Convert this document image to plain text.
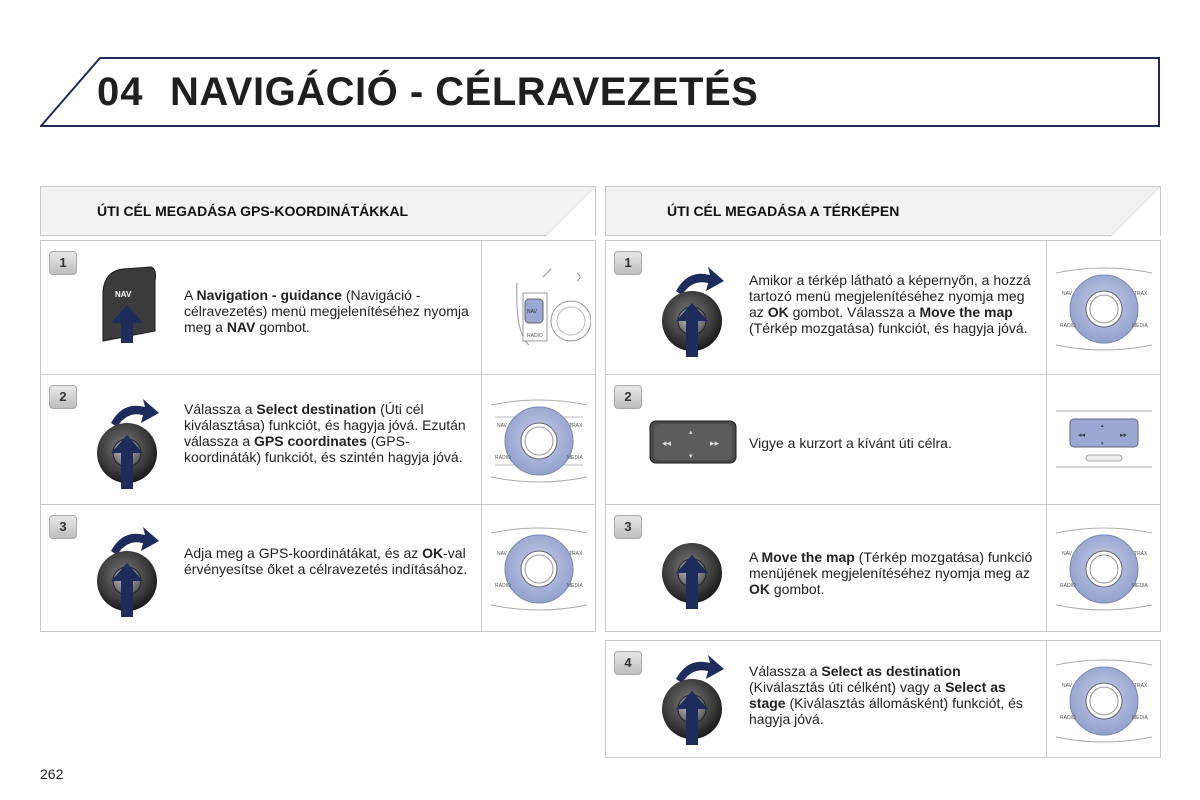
04 NAVIGÁCIÓ - CÉLRAVEZETÉS
ÚTI CÉL MEGADÁSA GPS-KOORDINÁTÁKKAL	ÚTI CÉL MEGADÁSA A TÉRKÉPEN
1
NAV	A Navigation - guidance (Navigáció - célravezetés) menü megjelenítéséhez nyomja meg a NAV gombot.
NAV
RADIO
2
Válassza a Select destination (Úti cél kiválasztása) funkciót, és hagyja jóvá. Ezután válassza a GPS coordinates (GPS-koordináták) funkciót, és szintén hagyja jóvá.
NAV
RADIO
TRAX
MEDIA
3
Adja meg a GPS-koordinátákat, és az OK-val érvényesítse őket a célravezetés indításához.
NAV
RADIO
TRAX
MEDIA
1
Amikor a térkép látható a képernyőn, a hozzá tartozó menü megjelenítéséhez nyomja meg az OK gombot. Válassza a Move the map (Térkép mozgatása) funkciót, és hagyja jóvá.
NAV
RADIO
TRAX
MEDIA
2
◂◂	▸▸
▴
▾
Vigye a kurzort a kívánt úti célra.	◂◂	▸▸
▴
▾
3
A Move the map (Térkép mozgatása) funkció menüjének megjelenítéséhez nyomja meg az OK gombot.
NAV
RADIO
TRAX
MEDIA
4
Válassza a Select as destination (Kiválasztás úti célként) vagy a Select as stage (Kiválasztás állomásként) funkciót, és hagyja jóvá.
NAV
RADIO
TRAX
MEDIA
262
